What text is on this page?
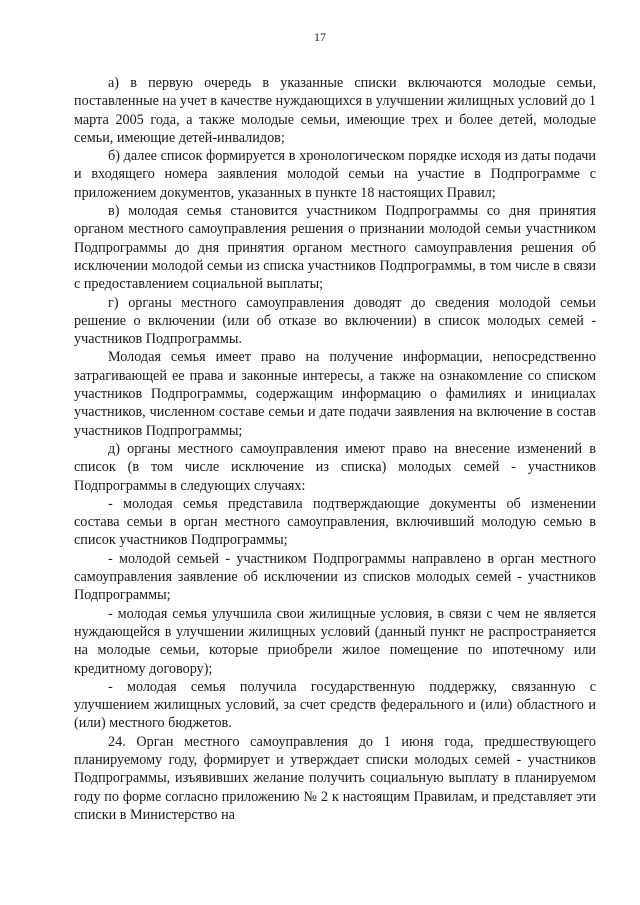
17

а) в первую очередь в указанные списки включаются молодые семьи, поставленные на учет в качестве нуждающихся в улучшении жилищных условий до 1 марта 2005 года, а также молодые семьи, имеющие трех и более детей, молодые семьи, имеющие детей-инвалидов;

б) далее список формируется в хронологическом порядке исходя из даты подачи и входящего номера заявления молодой семьи на участие в Подпрограмме с приложением документов, указанных в пункте 18 настоящих Правил;

в) молодая семья становится участником Подпрограммы со дня принятия органом местного самоуправления решения о признании молодой семьи участником Подпрограммы до дня принятия органом местного самоуправления решения об исключении молодой семьи из списка участников Подпрограммы, в том числе в связи с предоставлением социальной выплаты;

г) органы местного самоуправления доводят до сведения молодой семьи решение о включении (или об отказе во включении) в список молодых семей - участников Подпрограммы.

Молодая семья имеет право на получение информации, непосредственно затрагивающей ее права и законные интересы, а также на ознакомление со списком участников Подпрограммы, содержащим информацию о фамилиях и инициалах участников, численном составе семьи и дате подачи заявления на включение в состав участников Подпрограммы;

д) органы местного самоуправления имеют право на внесение изменений в список (в том числе исключение из списка) молодых семей - участников Подпрограммы в следующих случаях:

- молодая семья представила подтверждающие документы об изменении состава семьи в орган местного самоуправления, включивший молодую семью в список участников Подпрограммы;

- молодой семьей - участником Подпрограммы направлено в орган местного самоуправления заявление об исключении из списков молодых семей - участников Подпрограммы;

- молодая семья улучшила свои жилищные условия, в связи с чем не является нуждающейся в улучшении жилищных условий (данный пункт не распространяется на молодые семьи, которые приобрели жилое помещение по ипотечному или кредитному договору);

- молодая семья получила государственную поддержку, связанную с улучшением жилищных условий, за счет средств федерального и (или) областного и (или) местного бюджетов.

24. Орган местного самоуправления до 1 июня года, предшествующего планируемому году, формирует и утверждает списки молодых семей - участников Подпрограммы, изъявивших желание получить социальную выплату в планируемом году по форме согласно приложению № 2 к настоящим Правилам, и представляет эти списки в Министерство на
